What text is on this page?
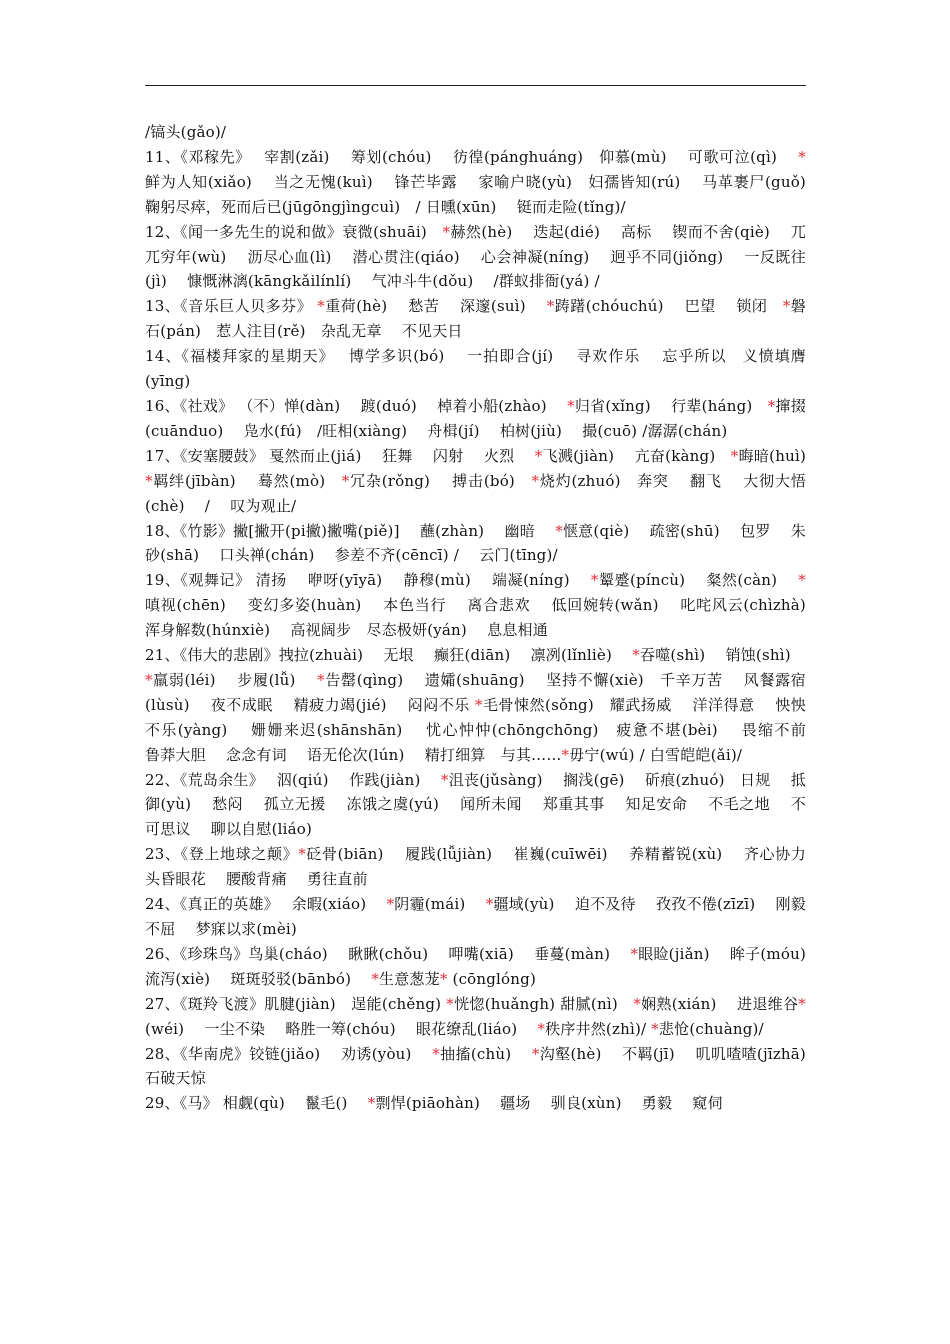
/镐头(gǎo)/

11、《邓稼先》　 宰割(zǎi)　 筹划(chóu)　 彷徨(pánghuáng)　仰慕(mù)　 可歌可泣(qì)　 *鲜为人知(xiǎo)　 当之无愧(kuì)　 锋芒毕露　 家喻户晓(yù)　妇孺皆知(rú)　 马革裹尸(guǒ)　 鞠躬尽瘁，死而后已(jūgōngjìngcuì)　/ 日曛(xūn)　 铤而走险(tǐng)/

12、《闻一多先生的说和做》衰微(shuāi)　*赫然(hè)　 迭起(dié)　 高标　 锲而不舍(qiè)　 兀兀穷年(wù)　 沥尽心血(lì)　 潜心贯注(qiáo)　 心会神凝(níng)　 迥乎不同(jiǒng)　 一反既往(jì)　 慷慨淋漓(kāngkǎilínlí)　 气冲斗牛(dǒu)　 /群蚁排衙(yá) /

13、《音乐巨人贝多芬》 *重荷(hè)　 愁苦　 深邃(suì)　 *踌躇(chóuchú)　 巴望　 锁闭　*磐石(pán)　惹人注目(rě)　杂乱无章　 不见天日

14、《福楼拜家的星期天》　 博学多识(bó)　 一拍即合(jí)　 寻欢作乐　 忘乎所以　义愤填膺(yīng)

16、《社戏》 （不）惮(dàn)　 踱(duó)　 棹着小船(zhào)　 *归省(xǐng)　 行辈(háng)　*撺掇(cuānduo)　 凫水(fú)　/旺相(xiàng)　 舟楫(jí)　 柏树(jiù)　 撮(cuō) /潺潺(chán)

17、《安塞腰鼓》 戛然而止(jiá)　 狂舞　 闪射　 火烈　 *飞溅(jiàn)　 亢奋(kàng)　*晦暗(huì)　*羁绊(jībàn)　 蓦然(mò)　*冗杂(rǒng)　 搏击(bó)　*烧灼(zhuó)　奔突　 翻飞　 大彻大悟(chè)　 /　 叹为观止/

18、《竹影》撇[撇开(pi撇)撇嘴(piě)]　 蘸(zhàn)　 幽暗　 *惬意(qiè)　 疏密(shū)　 包罗　 朱砂(shā)　 口头禅(chán)　 参差不齐(cēncī) /　 云门(tīng)/

19、《观舞记》 清扬　 咿呀(yīyā)　 静穆(mù)　 端凝(níng)　 *颦蹙(píncù)　 粲然(càn)　 *嗔视(chēn)　 变幻多姿(huàn)　 本色当行　 离合悲欢　 低回婉转(wǎn)　 叱咤风云(chìzhà)　 浑身解数(húnxiè)　 高视阔步　尽态极妍(yán)　 息息相通

21、《伟大的悲剧》拽拉(zhuài)　 无垠　 癫狂(diān)　 凛冽(lǐnliè)　 *吞噬(shì)　 销蚀(shì)　 *羸弱(léi)　 步履(lǚ)　 *告罄(qìng)　 遗孀(shuāng)　 坚持不懈(xiè)　千辛万苦　 风餐露宿(lùsù)　 夜不成眠　 精疲力竭(jié)　 闷闷不乐 *毛骨悚然(sǒng)　耀武扬威　 洋洋得意　 怏怏不乐(yàng)　 姗姗来迟(shānshān)　 忧心忡忡(chōngchōng)　疲惫不堪(bèi)　 畏缩不前　 鲁莽大胆　 念念有词　 语无伦次(lún)　 精打细算　与其……*毋宁(wú) / 白雪皑皑(ǎi)/

22、《荒岛余生》　 泅(qiú)　 作践(jiàn)　 *沮丧(jǔsàng)　 搁浅(gē)　 斫痕(zhuó)　日规　 抵御(yù)　 愁闷　 孤立无援　 冻饿之虞(yú)　 闻所未闻　 郑重其事　 知足安命　 不毛之地　 不可思议　 聊以自慰(liáo)

23、《登上地球之颠》*砭骨(biān)　 履践(lǚjiàn)　 崔巍(cuīwēi)　 养精蓄锐(xù)　 齐心协力　 头昏眼花　 腰酸背痛　 勇往直前

24、《真正的英雄》　 余暇(xiáo)　 *阴霾(mái)　 *疆域(yù)　 迫不及待　 孜孜不倦(zīzī)　 刚毅不屈　 梦寐以求(mèi)

26、《珍珠鸟》鸟巢(cháo)　 瞅瞅(chǒu)　 呷嘴(xiā)　 垂蔓(màn)　 *眼睑(jiǎn)　 眸子(móu)　 流泻(xiè)　 斑斑驳驳(bānbó)　 *生意葱茏* (cōnglóng)

27、《斑羚飞渡》肌腱(jiàn)　逞能(chěng) *恍惚(huǎngh) 甜腻(nì)　*娴熟(xián)　 进退维谷* (wéi)　 一尘不染　 略胜一筹(chóu)　 眼花缭乱(liáo)　 *秩序井然(zhì)/ *悲怆(chuàng)/

28、《华南虎》铰链(jiǎo)　 劝诱(yòu)　 *抽搐(chù)　 *沟壑(hè)　 不羁(jī)　 叽叽喳喳(jīzhā)　石破天惊

29、《马》 相觑(qù)　 鬣毛()　 *剽悍(piāohàn)　 疆场　 驯良(xùn)　 勇毅　 窥伺
